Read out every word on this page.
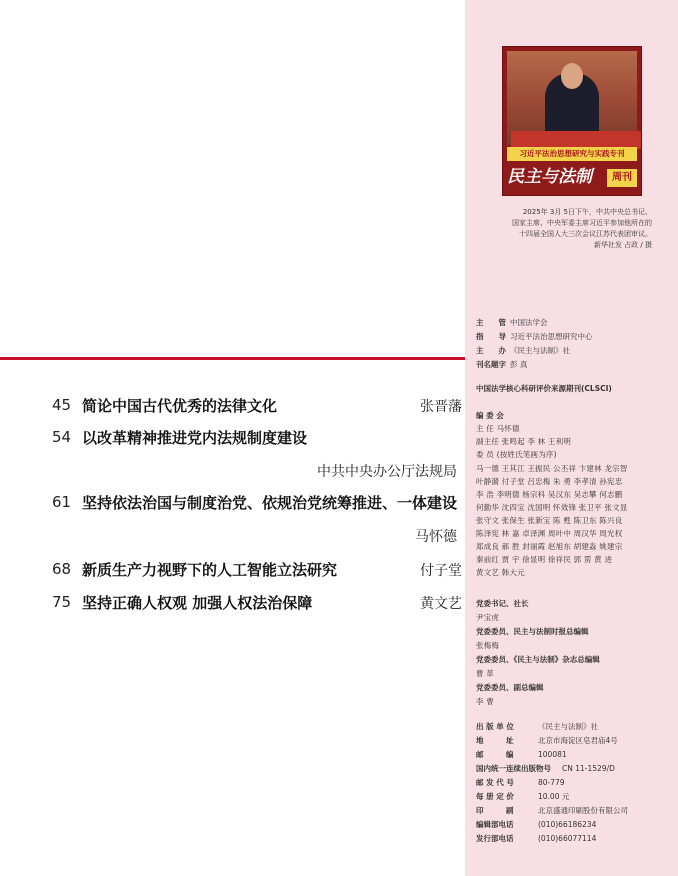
45 简论中国古代优秀的法律文化	张晋藩
54 以改革精神推进党内法规制度建设
中共中央办公厅法规局
61 坚持依法治国与制度治党、依规治党统筹推进、一体建设
马怀德
68 新质生产力视野下的人工智能立法研究	付子堂
75 坚持正确人权观 加强人权法治保障	黄文艺
习近平法治思想研究与实践专刊
民主与法制	周刊
2025年 3月 5日下午，中共中央总书记、
国家主席、中央军委主席习近平参加他所在的
十四届全国人大三次会议江苏代表团审议。
新华社发 占政 / 摄
主　　管 中国法学会
指　　导 习近平法治思想研究中心
主　　办 《民主与法制》社
刊名题字 彭 真
中国法学核心科研评价来源期刊(CLSCI)
编 委 会
主 任 马怀德
副主任 张鸣起 李 林 王利明
委 员 (按姓氏笔画为序)
马一德 王其江 王振民 公丕祥 卞建林 龙宗智
叶静漪 付子堂 吕忠梅 朱 勇 李孝清 孙宪忠
李 浩 李明德 杨宗科 吴汉东 吴志攀 何志鹏
何勤华 沈四宝 沈国明 怀效锋 张卫平 张文显
张守文 张保生 张新宝 陈 甦 陈卫东 陈兴良
陈泽宪 林 嘉 卓泽渊 周叶中 周汉华 周光权
郑成良 郝 胜 封丽霞 赵旭东 胡建淼 姚建宗
秦前红 贾 宇 徐显明 徐祥民 郭 雳 黄 进
黄文艺 韩大元
党委书记、社长
尹宝虎
党委委员、民主与法制时报总编辑
张梅梅
党委委员、《民主与法制》杂志总编辑
曹 革
党委委员、副总编辑
李 曹
出 版 单 位	《民主与法制》社
地　　　址	北京市海淀区皂君庙4号
邮　　　编	100081
国内统一连续出版物号 CN 11-1529/D
邮 发 代 号	80-779
每 册 定 价	10.00 元
印　　　刷	北京盛通印刷股份有限公司
编辑部电话	(010)66186234
发行部电话	(010)66077114
